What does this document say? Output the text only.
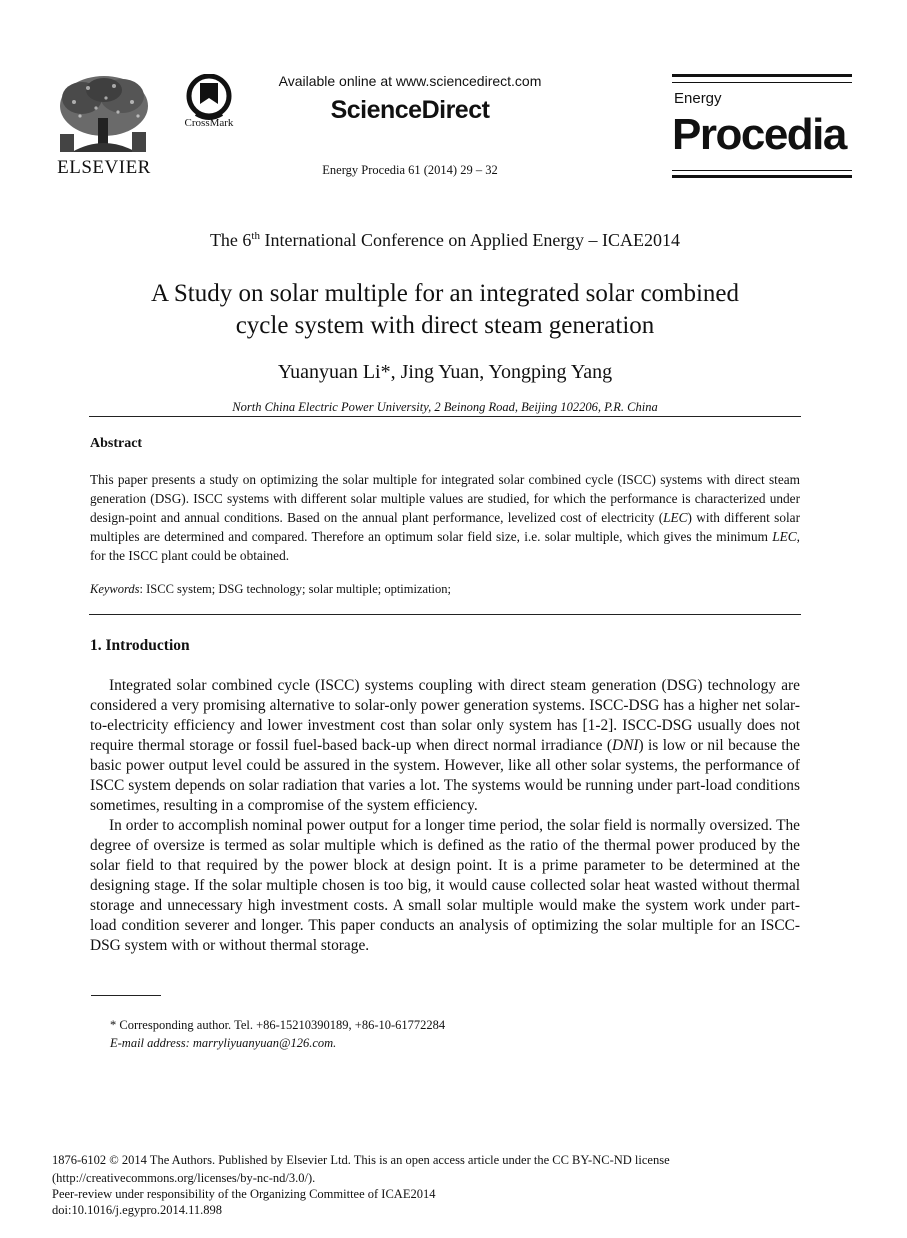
ELSEVIER
CrossMark
Available online at www.sciencedirect.com
ScienceDirect
Energy Procedia 61 (2014) 29 – 32
Energy
Procedia
The 6th International Conference on Applied Energy – ICAE2014
A Study on solar multiple for an integrated solar combined
cycle system with direct steam generation
Yuanyuan Li*, Jing Yuan, Yongping Yang
North China Electric Power University, 2 Beinong Road, Beijing 102206, P.R. China
Abstract
This paper presents a study on optimizing the solar multiple for integrated solar combined cycle (ISCC) systems with direct steam generation (DSG). ISCC systems with different solar multiple values are studied, for which the performance is characterized under design-point and annual conditions. Based on the annual plant performance, levelized cost of electricity (LEC) with different solar multiples are determined and compared. Therefore an optimum solar field size, i.e. solar multiple, which gives the minimum LEC, for the ISCC plant could be obtained.
Keywords: ISCC system; DSG technology; solar multiple; optimization;
1. Introduction

Integrated solar combined cycle (ISCC) systems coupling with direct steam generation (DSG) technology are considered a very promising alternative to solar-only power generation systems. ISCC-DSG has a higher net solar-to-electricity efficiency and lower investment cost than solar only system has [1-2]. ISCC-DSG usually does not require thermal storage or fossil fuel-based back-up when direct normal irradiance (DNI) is low or nil because the basic power output level could be assured in the system. However, like all other solar systems, the performance of ISCC system depends on solar radiation that varies a lot. The systems would be running under part-load conditions sometimes, resulting in a compromise of the system efficiency.

In order to accomplish nominal power output for a longer time period, the solar field is normally oversized. The degree of oversize is termed as solar multiple which is defined as the ratio of the thermal power produced by the solar field to that required by the power block at design point. It is a prime parameter to be determined at the designing stage. If the solar multiple chosen is too big, it would cause collected solar heat wasted without thermal storage and unnecessary high investment costs. A small solar multiple would make the system work under part-load condition severer and longer. This paper conducts an analysis of optimizing the solar multiple for an ISCC-DSG system with or without thermal storage.

* Corresponding author. Tel. +86-15210390189, +86-10-61772284
E-mail address: marryliyuanyuan@126.com.
1876-6102 © 2014 The Authors. Published by Elsevier Ltd. This is an open access article under the CC BY-NC-ND license
(http://creativecommons.org/licenses/by-nc-nd/3.0/).
Peer-review under responsibility of the Organizing Committee of ICAE2014
doi:10.1016/j.egypro.2014.11.898
